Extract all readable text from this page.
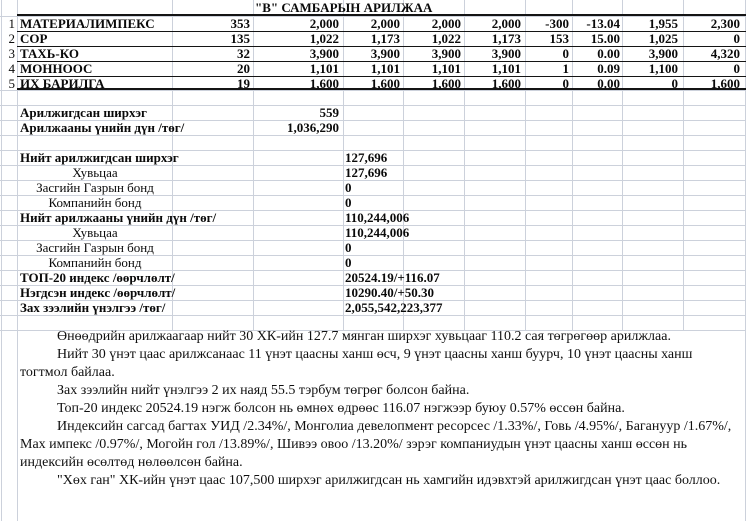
"В" САМБАРЫН АРИЛЖАА
1 МАТЕРИАЛИМПЕКС	353	2,000 2,000 2,000 2,000 -300 -13.04 1,955	2,300
2 СОР	135	1,022 1,173 1,022 1,173 153 15.00 1,025	0
3 ТАХЬ-КО	32	3,900 3,900 3,900 3,900	0 0.00 3,900	4,320
4 МОННООС	20	1,101 1,101 1,101 1,101	1 0.09 1,100	0
5 ИХ БАРИЛГА	19	1,600 1,600 1,600 1,600	0 0.00	0	1,600
Арилжигдсан ширхэг	559
Арилжааны үнийн дүн /төг/	1,036,290
Нийт арилжигдсан ширхэг	127,696
Хувьцаа	127,696
Засгийн Газрын бонд	0
Компанийн бонд	0
Нийт арилжааны үнийн дүн /төг/	110,244,006
Хувьцаа	110,244,006
Засгийн Газрын бонд	0
Компанийн бонд	0
ТОП-20 индекс /өөрчлөлт/	20524.19/+116.07
Нэгдсэн индекс /өөрчлөлт/	10290.40/+50.30
Зах зээлийн үнэлгээ /төг/	2,055,542,223,377

Өнөөдрийн арилжаагаар нийт 30 ХК-ийн 127.7 мянган ширхэг хувьцааг 110.2 сая төгрөгөөр арилжлаа.

Нийт 30 үнэт цаас арилжсанаас 11 үнэт цаасны ханш өсч, 9 үнэт цаасны ханш буурч, 10 үнэт цаасны ханш тогтмол байлаа.

Зах зээлийн нийт үнэлгээ 2 их наяд 55.5 тэрбум төгрөг болсон байна.

Топ-20 индекс 20524.19 нэгж болсон нь өмнөх өдрөөс 116.07 нэгжээр буюу 0.57% өссөн байна.

Индексийн сагсад багтах УИД /2.34%/, Монголиа девелопмент ресорсес /1.33%/, Говь /4.95%/, Багануур /1.67%/, Мах импекс /0.97%/, Могойн гол /13.89%/, Шивээ овоо /13.20%/ зэрэг компаниудын үнэт цаасны ханш өссөн нь индексийн өсөлтөд нөлөөлсөн байна.

"Хөх ган" ХК-ийн үнэт цаас 107,500 ширхэг арилжигдсан нь хамгийн идэвхтэй арилжигдсан үнэт цаас боллоо.
